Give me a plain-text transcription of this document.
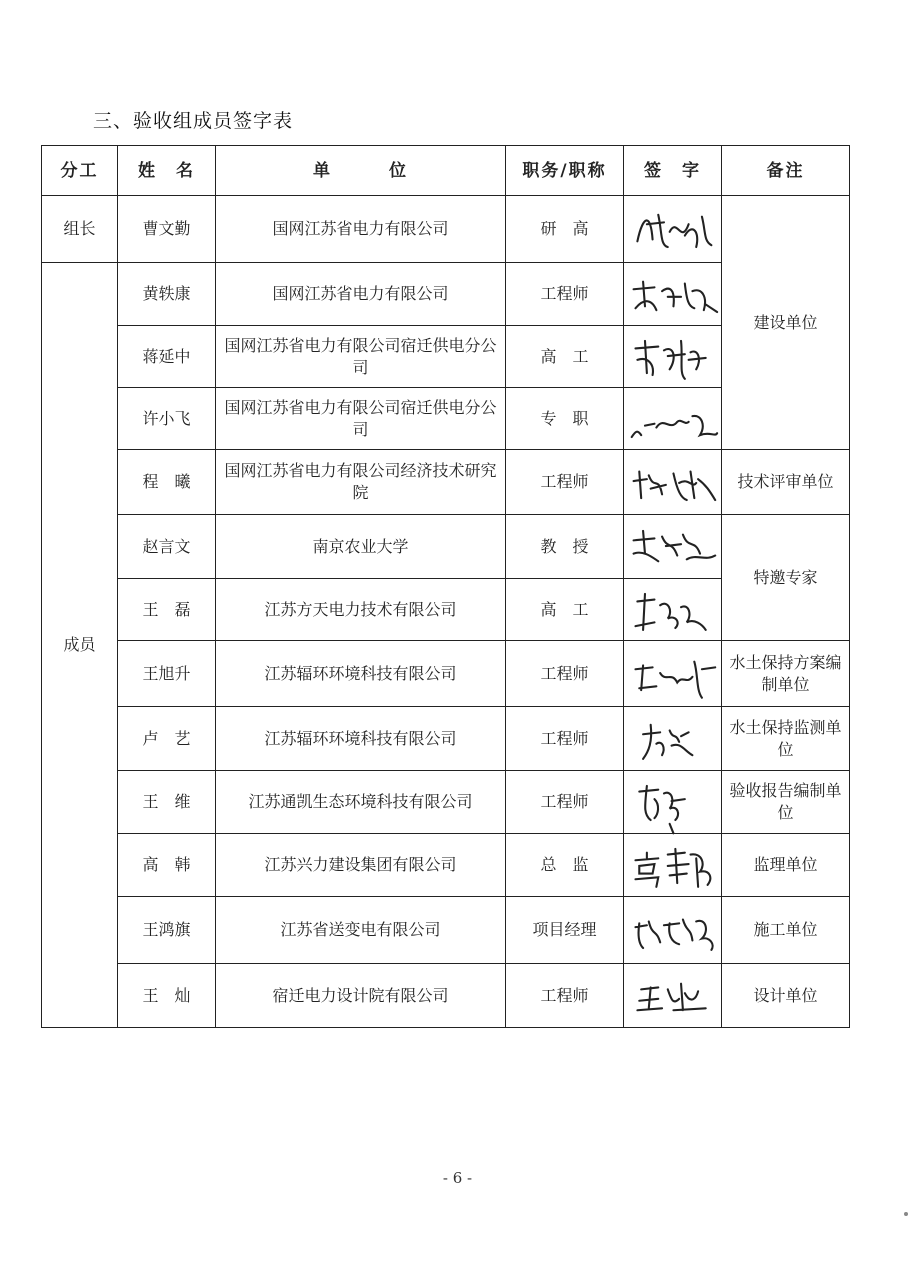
三、验收组成员签字表
分工	姓　名	单　　　位	职务/职称	签　字	备注
组长	曹文勤	国网江苏省电力有限公司	研　高		建设单位
成员	黄轶康	国网江苏省电力有限公司	工程师	

	蒋延中	国网江苏省电力有限公司宿迁供电分公司	高　工	

	许小飞	国网江苏省电力有限公司宿迁供电分公司	专　职	

	程　曦	国网江苏省电力有限公司经济技术研究院	工程师		技术评审单位
	赵言文	南京农业大学	教　授		特邀专家
	王　磊	江苏方天电力技术有限公司	高　工	

	王旭升	江苏辐环环境科技有限公司	工程师		水土保持方案编制单位
	卢　艺	江苏辐环环境科技有限公司	工程师		水土保持监测单位
	王　维	江苏通凯生态环境科技有限公司	工程师		验收报告编制单位
	高　韩	江苏兴力建设集团有限公司	总　监		监理单位
	王鸿旗	江苏省送变电有限公司	项目经理		施工单位
	王　灿	宿迁电力设计院有限公司	工程师		设计单位
- 6 -
